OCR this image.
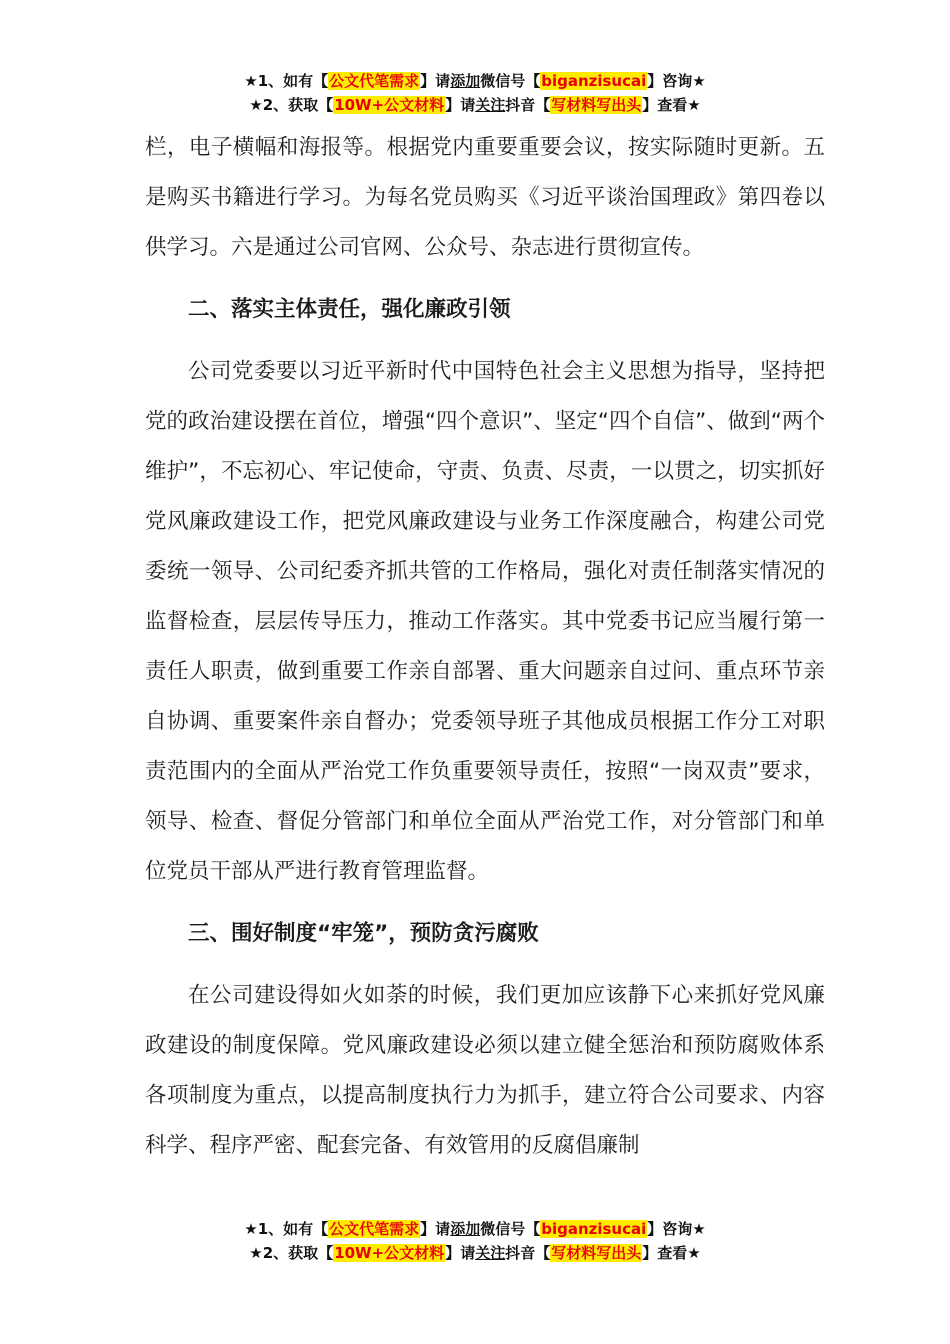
★1、如有【公文代笔需求】请添加微信号【biganzisucai】咨询★
★2、获取【10W+公文材料】请关注抖音【写材料写出头】查看★

栏，电子横幅和海报等。根据党内重要重要会议，按实际随时更新。五是购买书籍进行学习。为每名党员购买《习近平谈治国理政》第四卷以供学习。六是通过公司官网、公众号、杂志进行贯彻宣传。

二、落实主体责任，强化廉政引领

公司党委要以习近平新时代中国特色社会主义思想为指导，坚持把党的政治建设摆在首位，增强“四个意识”、坚定“四个自信”、做到“两个维护”，不忘初心、牢记使命，守责、负责、尽责，一以贯之，切实抓好党风廉政建设工作，把党风廉政建设与业务工作深度融合，构建公司党委统一领导、公司纪委齐抓共管的工作格局，强化对责任制落实情况的监督检查，层层传导压力，推动工作落实。其中党委书记应当履行第一责任人职责，做到重要工作亲自部署、重大问题亲自过问、重点环节亲自协调、重要案件亲自督办；党委领导班子其他成员根据工作分工对职责范围内的全面从严治党工作负重要领导责任，按照“一岗双责”要求，领导、检查、督促分管部门和单位全面从严治党工作，对分管部门和单位党员干部从严进行教育管理监督。

三、围好制度“牢笼”，预防贪污腐败

在公司建设得如火如荼的时候，我们更加应该静下心来抓好党风廉政建设的制度保障。党风廉政建设必须以建立健全惩治和预防腐败体系各项制度为重点，以提高制度执行力为抓手，建立符合公司要求、内容科学、程序严密、配套完备、有效管用的反腐倡廉制

★1、如有【公文代笔需求】请添加微信号【biganzisucai】咨询★
★2、获取【10W+公文材料】请关注抖音【写材料写出头】查看★
